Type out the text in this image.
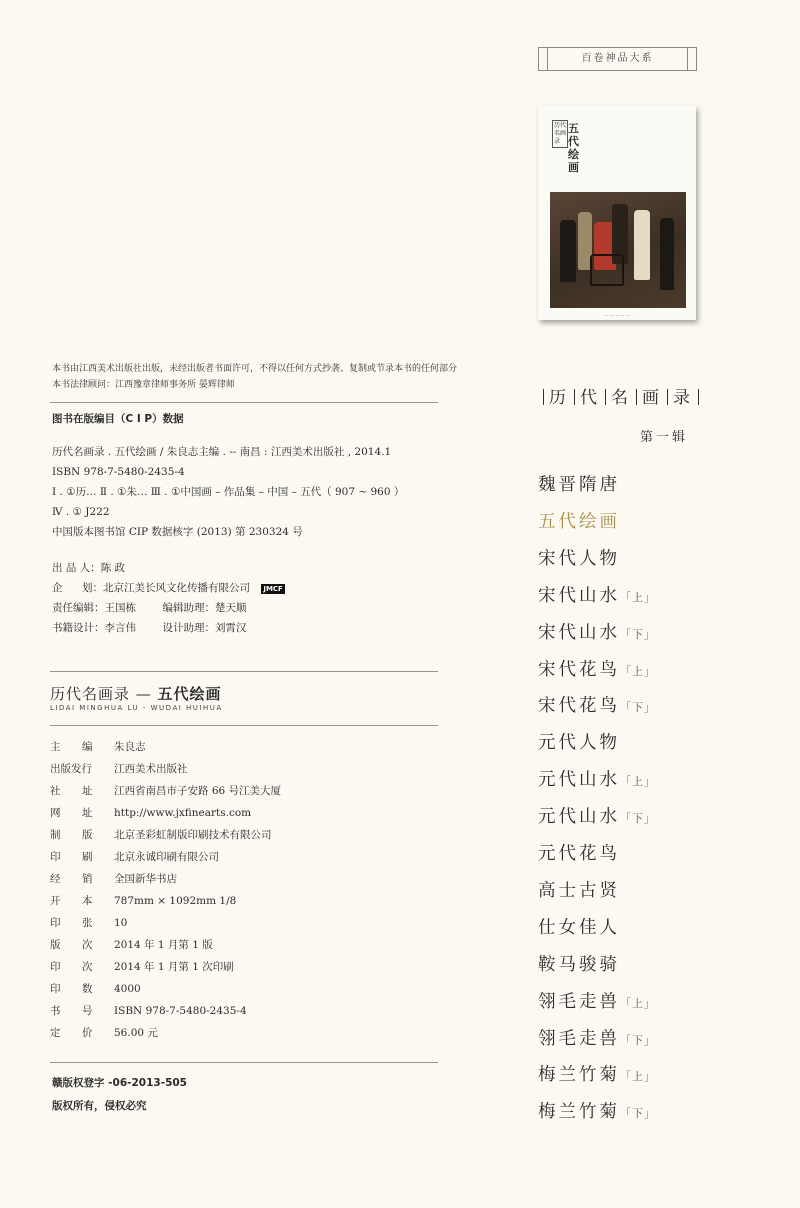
本书由江西美术出版社出版，未经出版者书面许可，不得以任何方式抄袭、复制或节录本书的任何部分
本书法律顾问：江西豫章律师事务所 晏辉律师
图书在版编目（C I P）数据
历代名画录 . 五代绘画 / 朱良志主编 . -- 南昌 : 江西美术出版社 , 2014.1
ISBN 978-7-5480-2435-4
Ⅰ . ①历… Ⅱ . ①朱… Ⅲ . ①中国画 – 作品集 – 中国 – 五代（ 907 ~ 960 ）
Ⅳ . ① J222
中国版本图书馆 CIP 数据核字 (2013) 第 230324 号
出 品 人：陈 政
企 划：北京江美长风文化传播有限公司 JMCF
责任编辑：王国栋	编辑助理：楚天顺
书籍设计：李言伟	设计助理：刘霄汉
历代名画录 — 五代绘画
LIDAI MINGHUA LU - WUDAI HUIHUA
主 编 朱良志
出版发行 江西美术出版社
社 址 江西省南昌市子安路 66 号江美大厦
网 址 http://www.jxfinearts.com
制 版 北京圣彩虹制版印刷技术有限公司
印 刷 北京永诚印刷有限公司
经 销 全国新华书店
开 本 787mm × 1092mm 1/8
印 张 10
版 次 2014 年 1 月第 1 版
印 次 2014 年 1 月第 1 次印刷
印 数 4000
书 号 ISBN 978-7-5480-2435-4
定 价 56.00 元
赣版权登字 -06-2013-505
版权所有，侵权必究
百卷神品大系
历代名画录
五代绘画
· · · · · ·
— — — — —
历 代 名 画 录
第一辑
魏晋隋唐
五代绘画
宋代人物
宋代山水「上」
宋代山水「下」
宋代花鸟「上」
宋代花鸟「下」
元代人物
元代山水「上」
元代山水「下」
元代花鸟
高士古贤
仕女佳人
鞍马骏骑
翎毛走兽「上」
翎毛走兽「下」
梅兰竹菊「上」
梅兰竹菊「下」
